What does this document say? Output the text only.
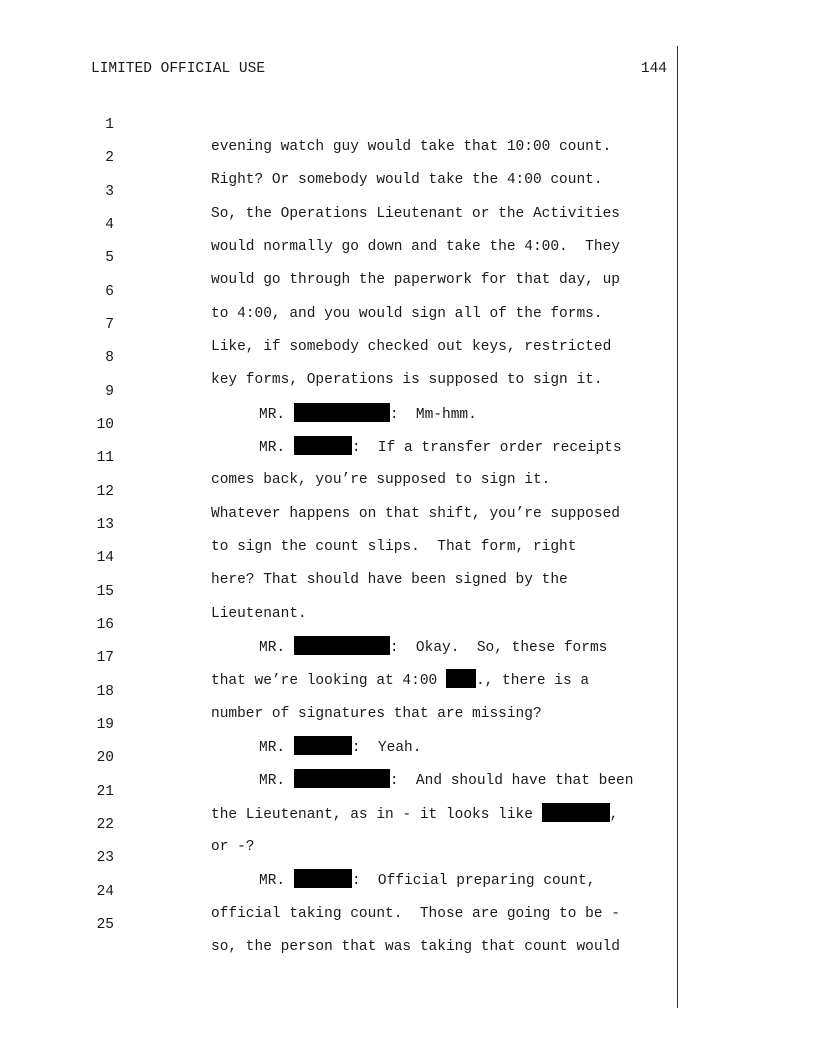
LIMITED OFFICIAL USE	144

1

evening watch guy would take that 10:00 count.

2

Right? Or somebody would take the 4:00 count.

3

So, the Operations Lieutenant or the Activities

4

would normally go down and take the 4:00.  They

5

would go through the paperwork for that day, up

6

to 4:00, and you would sign all of the forms.

7

Like, if somebody checked out keys, restricted

8

key forms, Operations is supposed to sign it.

9

MR.	:  Mm-hmm.

10

MR.	:  If a transfer order receipts

11

comes back, you’re supposed to sign it.

12

Whatever happens on that shift, you’re supposed

13

to sign the count slips.  That form, right

14

here? That should have been signed by the

15

Lieutenant.

16

MR.	:  Okay.  So, these forms

17

that we’re looking at 4:00 ., there is a

18

number of signatures that are missing?

19

MR.	:  Yeah.

20

MR.	:  And should have that been

21

the Lieutenant, as in - it looks like	,

22

or -?

23

MR.	:  Official preparing count,

24

official taking count.  Those are going to be -

25

so, the person that was taking that count would
